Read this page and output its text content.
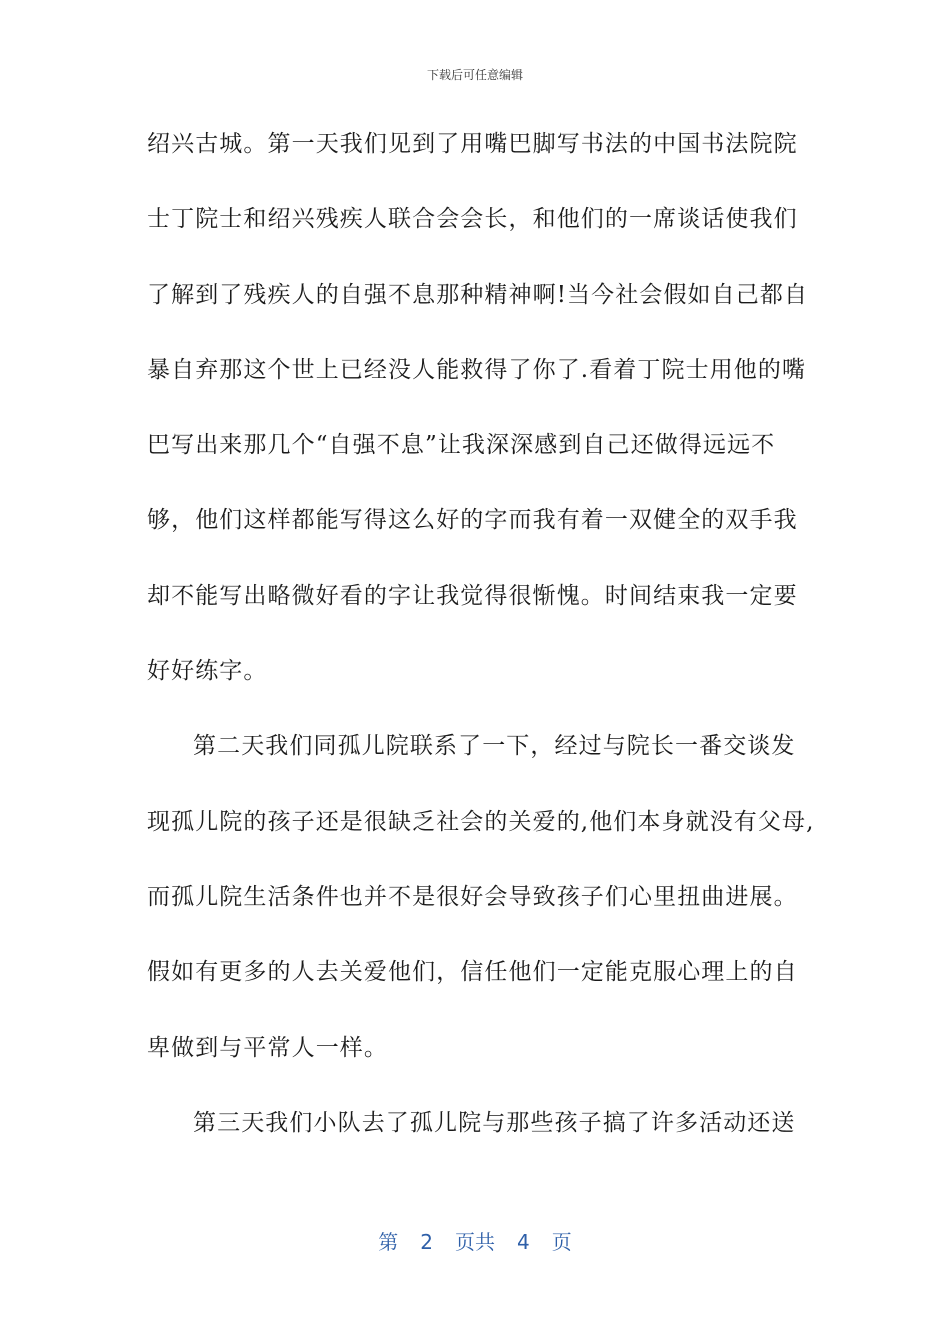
下载后可任意编辑
绍兴古城。第一天我们见到了用嘴巴脚写书法的中国书法院院
士丁院士和绍兴残疾人联合会会长，和他们的一席谈话使我们
了解到了残疾人的自强不息那种精神啊!当今社会假如自己都自
暴自弃那这个世上已经没人能救得了你了.看着丁院士用他的嘴
巴写出来那几个“自强不息”让我深深感到自己还做得远远不
够，他们这样都能写得这么好的字而我有着一双健全的双手我
却不能写出略微好看的字让我觉得很惭愧。时间结束我一定要
好好练字。
第二天我们同孤儿院联系了一下，经过与院长一番交谈发
现孤儿院的孩子还是很缺乏社会的关爱的,他们本身就没有父母,
而孤儿院生活条件也并不是很好会导致孩子们心里扭曲进展。
假如有更多的人去关爱他们，信任他们一定能克服心理上的自
卑做到与平常人一样。
第三天我们小队去了孤儿院与那些孩子搞了许多活动还送
第 2 页共 4 页
